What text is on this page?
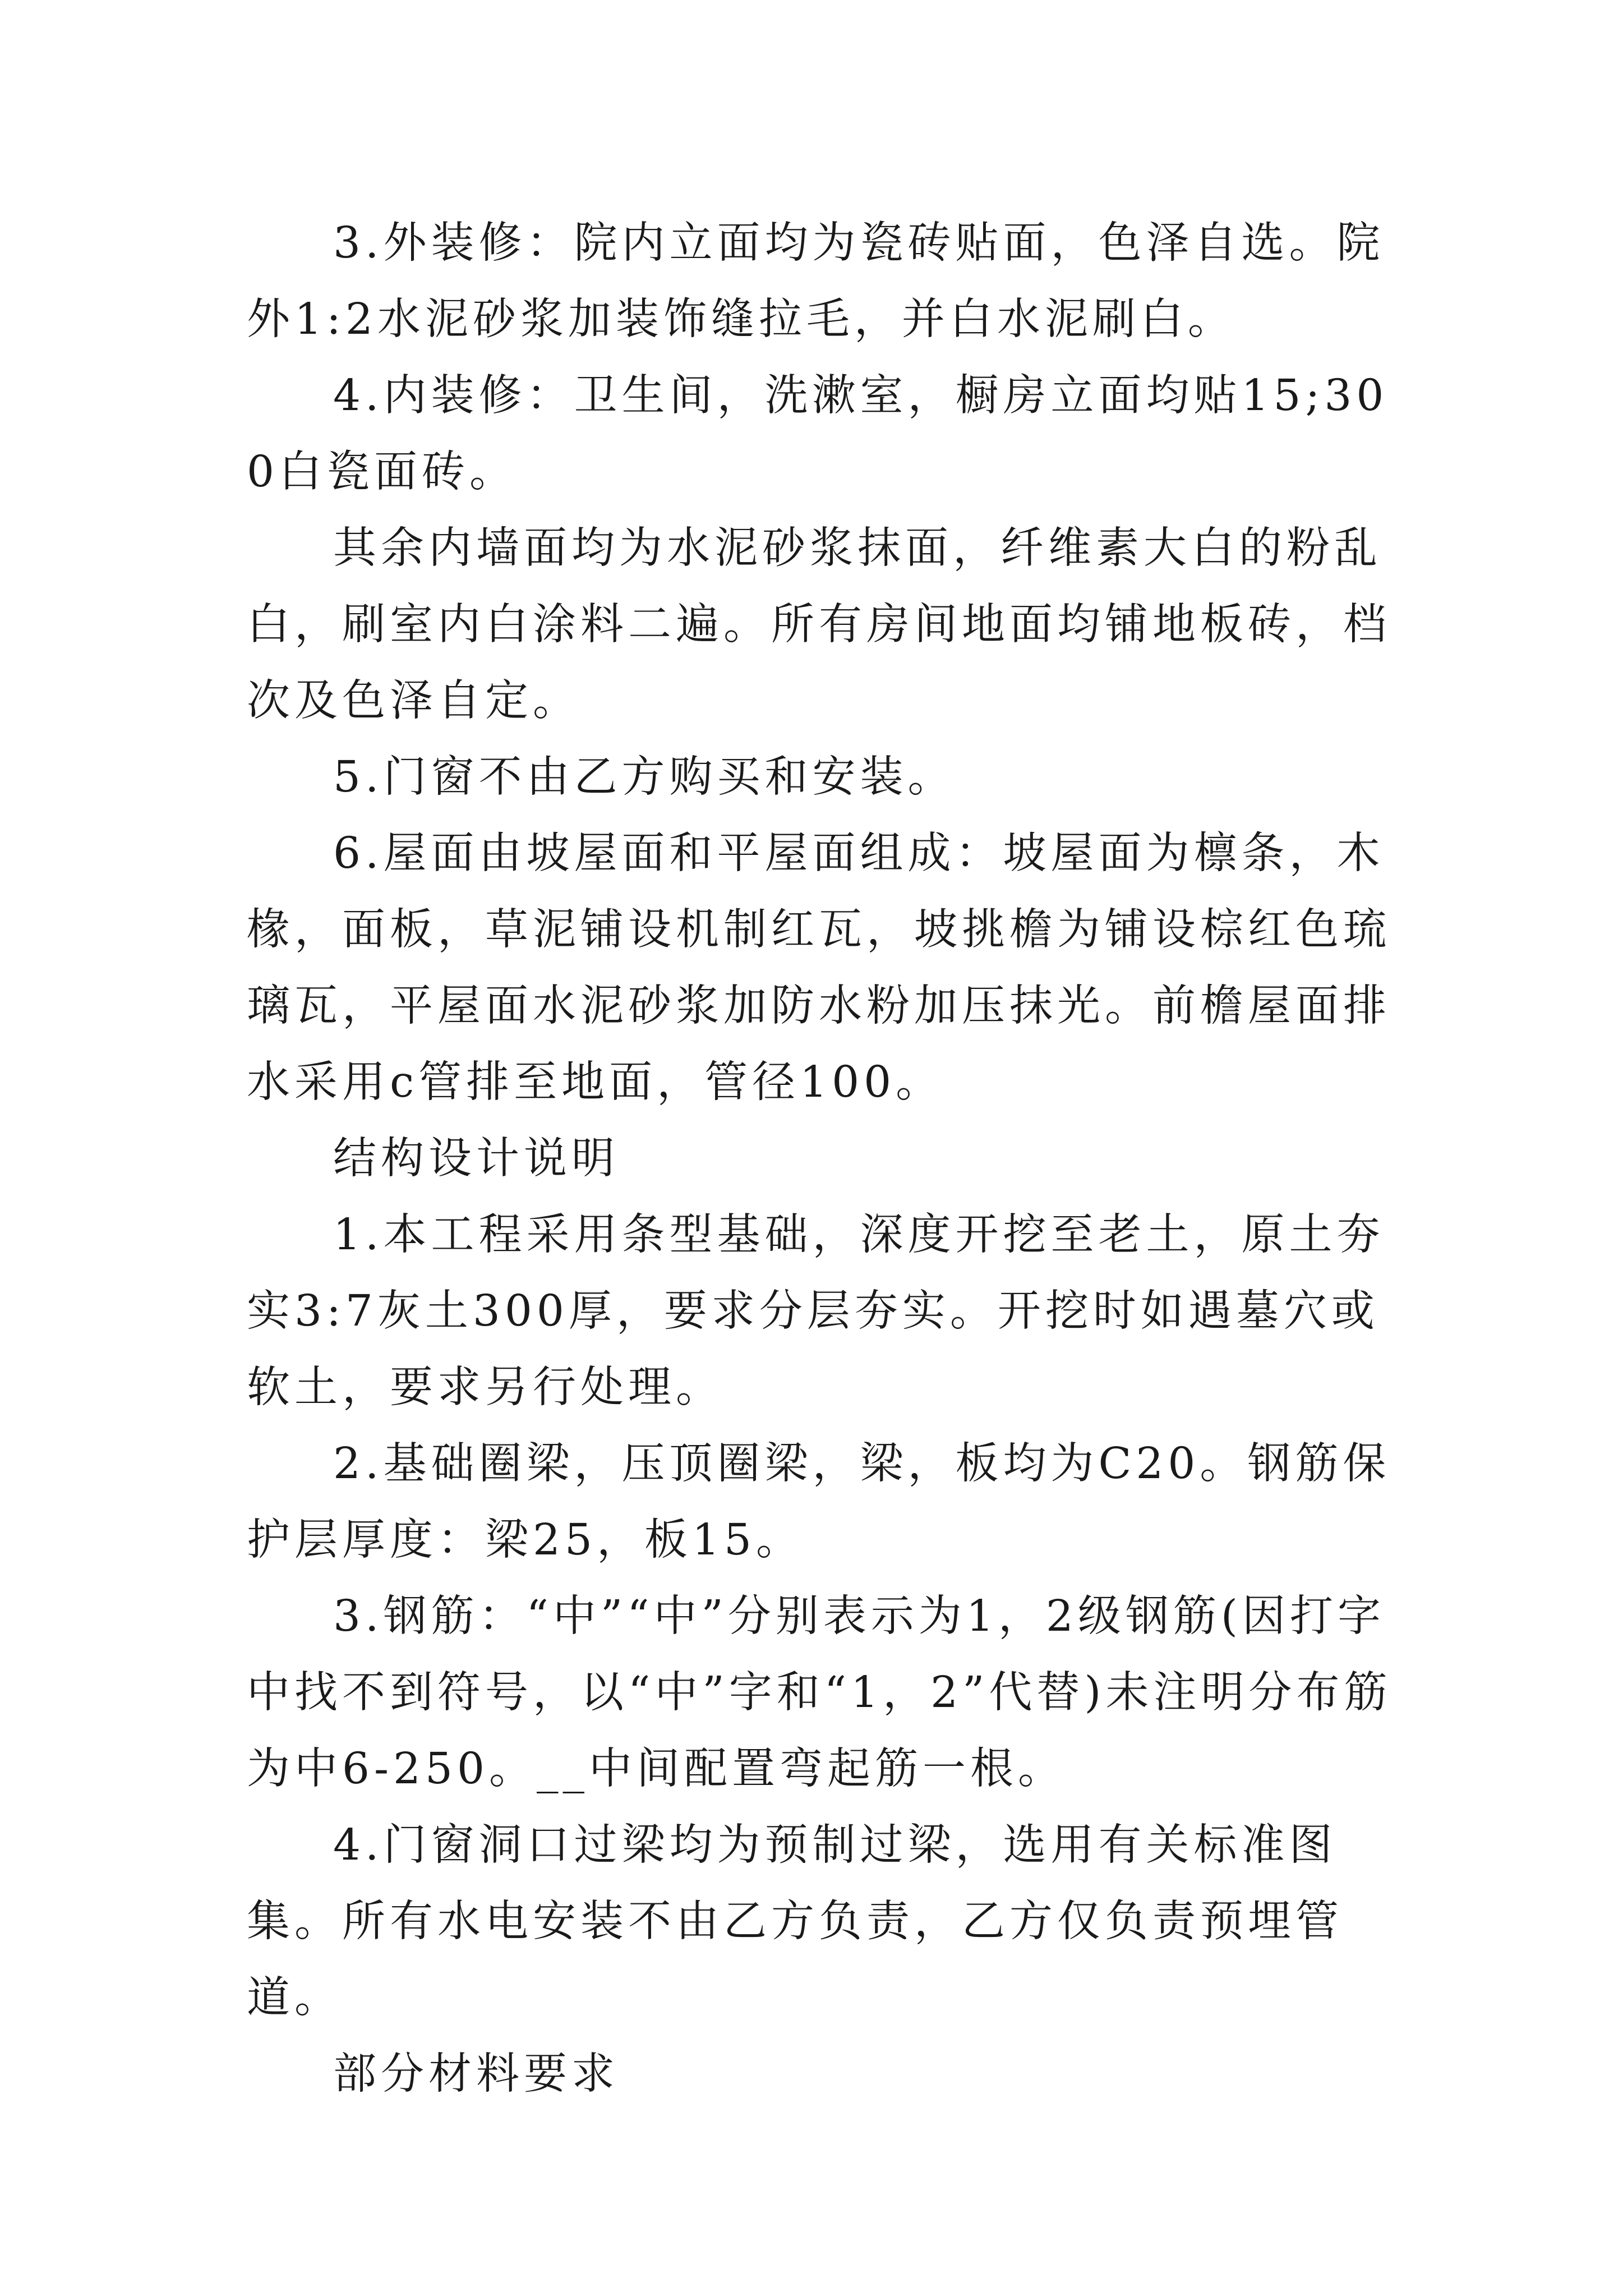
3.外装修：院内立面均为瓷砖贴面，色泽自选。院外1:2水泥砂浆加装饰缝拉毛，并白水泥刷白。

4.内装修：卫生间，洗漱室，橱房立面均贴15;300白瓷面砖。

其余内墙面均为水泥砂浆抹面，纤维素大白的粉乱白，刷室内白涂料二遍。所有房间地面均铺地板砖，档次及色泽自定。

5.门窗不由乙方购买和安装。

6.屋面由坡屋面和平屋面组成：坡屋面为檩条，木椽，面板，草泥铺设机制红瓦，坡挑檐为铺设棕红色琉璃瓦，平屋面水泥砂浆加防水粉加压抹光。前檐屋面排水采用c管排至地面，管径100。

结构设计说明

1.本工程采用条型基础，深度开挖至老土，原土夯实3:7灰土300厚，要求分层夯实。开挖时如遇墓穴或软土，要求另行处理。

2.基础圈梁，压顶圈梁，梁，板均为C20。钢筋保护层厚度：梁25，板15。

3.钢筋：“中”“中”分别表示为1，2级钢筋(因打字中找不到符号，以“中”字和“1，2”代替)未注明分布筋为中6-250。__中间配置弯起筋一根。

4.门窗洞口过梁均为预制过梁，选用有关标准图集。所有水电安装不由乙方负责，乙方仅负责预埋管道。

部分材料要求
